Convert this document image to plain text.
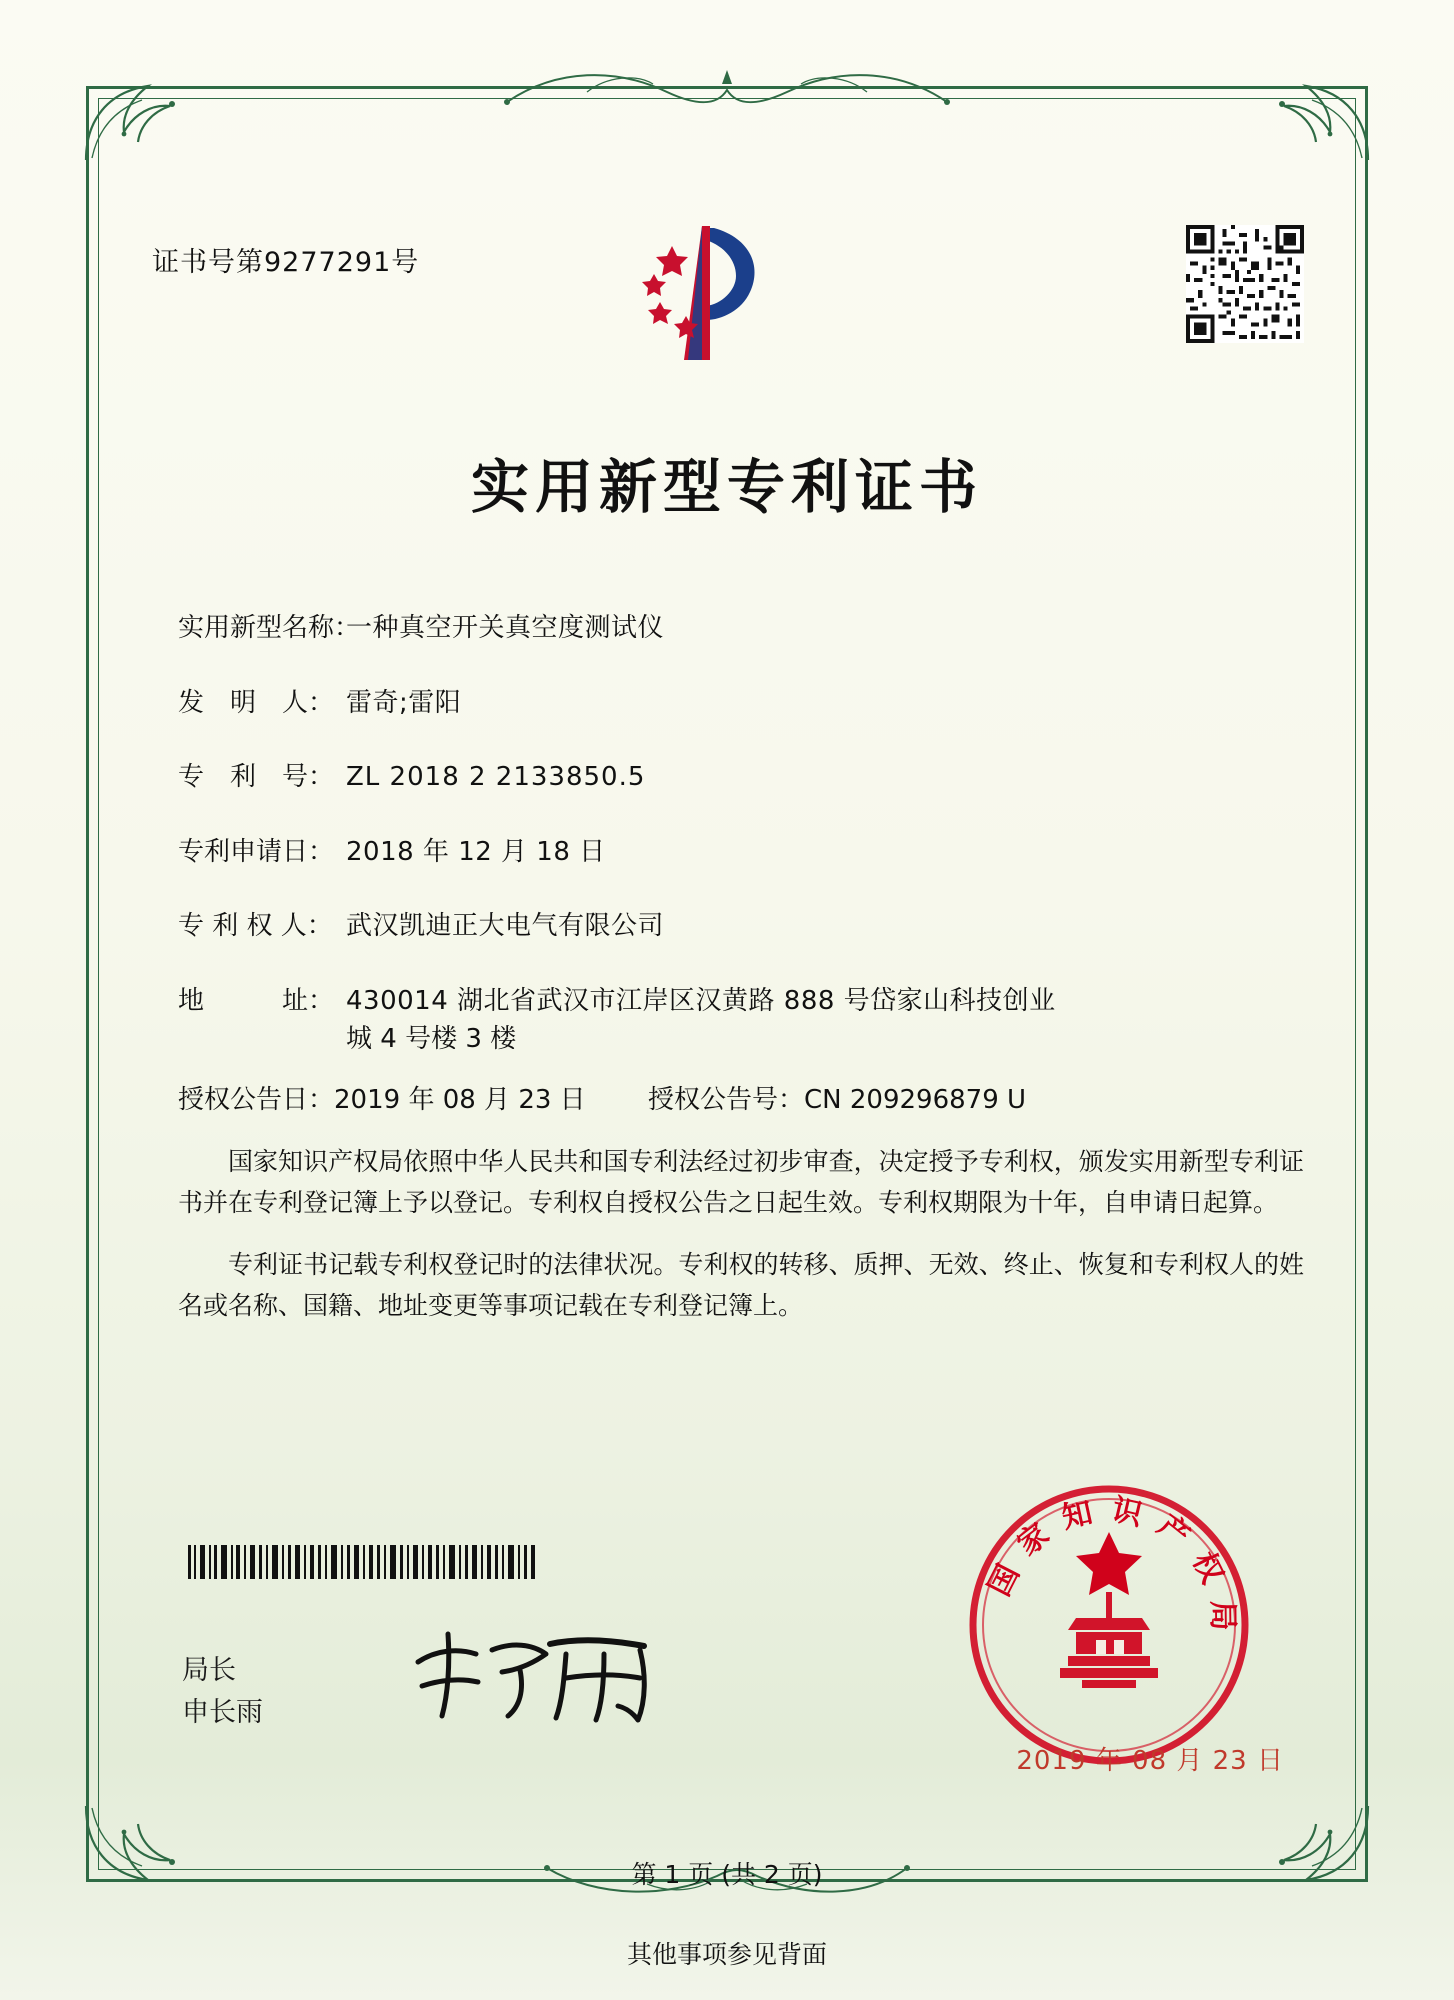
证书号第9277291号
实用新型专利证书
实用新型名称：
一种真空开关真空度测试仪
发　明　人： 雷奇;雷阳
专　利　号： ZL 2018 2 2133850.5
专利申请日： 2018 年 12 月 18 日
专 利 权 人： 武汉凯迪正大电气有限公司
地　　　址： 430014 湖北省武汉市江岸区汉黄路 888 号岱家山科技创业
城 4 号楼 3 楼
授权公告日：2019 年 08 月 23 日	授权公告号：CN 209296879 U
国家知识产权局依照中华人民共和国专利法经过初步审查，决定授予专利权，颁发实用新型专利证书并在专利登记簿上予以登记。专利权自授权公告之日起生效。专利权期限为十年，自申请日起算。
专利证书记载专利权登记时的法律状况。专利权的转移、质押、无效、终止、恢复和专利权人的姓名或名称、国籍、地址变更等事项记载在专利登记簿上。
局长
申长雨
国家知识产权局
2019 年 08 月 23 日
第 1 页 (共 2 页)
其他事项参见背面
